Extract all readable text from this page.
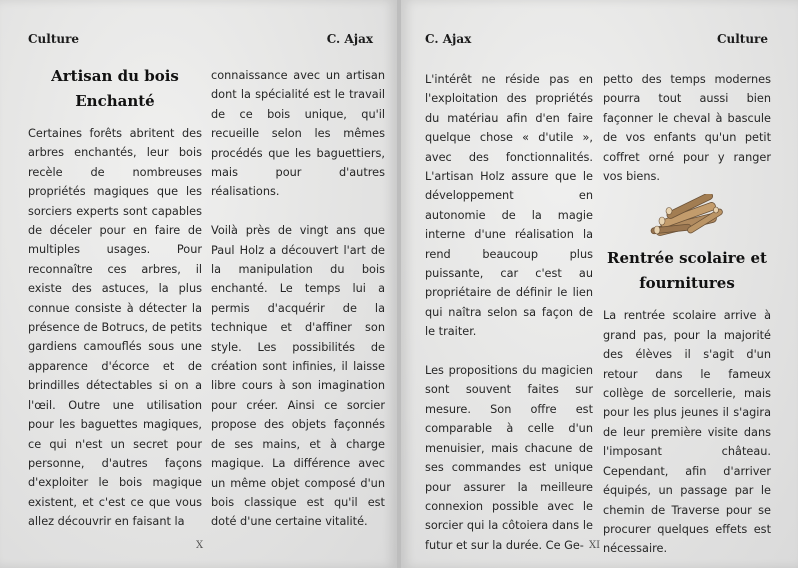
Culture	C. Ajax
Artisan du bois Enchanté

Certaines forêts abritent des arbres enchantés, leur bois recèle de nombreuses propriétés magiques que les sorciers experts sont capables de déceler pour en faire de multiples usages. Pour reconnaître ces arbres, il existe des astuces, la plus connue consiste à détecter la présence de Botrucs, de petits gardiens camouflés sous une apparence d'écorce et de brindilles détectables si on a l'œil. Outre une utilisation pour les baguettes magiques, ce qui n'est un secret pour personne, d'autres façons d'exploiter le bois magique existent, et c'est ce que vous allez découvrir en faisant la

connaissance avec un artisan dont la spécialité est le travail de ce bois unique, qu'il recueille selon les mêmes procédés que les baguettiers, mais pour d'autres réalisations.

Voilà près de vingt ans que Paul Holz a découvert l'art de la manipulation du bois enchanté. Le temps lui a permis d'acquérir de la technique et d'affiner son style. Les possibilités de création sont infinies, il laisse libre cours à son imagination pour créer. Ainsi ce sorcier propose des objets façonnés de ses mains, et à charge magique. La différence avec un même objet composé d'un bois classique est qu'il est doté d'une certaine vitalité.

X
C. Ajax	Culture

L'intérêt ne réside pas en l'exploitation des propriétés du matériau afin d'en faire quelque chose « d'utile », avec des fonctionnalités. L'artisan Holz assure que le développement en autonomie de la magie interne d'une réalisation la rend beaucoup plus puissante, car c'est au propriétaire de définir le lien qui naîtra selon sa façon de le traiter.

Les propositions du magicien sont souvent faites sur mesure. Son offre est comparable à celle d'un menuisier, mais chacune de ses commandes est unique pour assurer la meilleure connexion possible avec le sorcier qui la côtoiera dans le futur et sur la durée. Ce Ge-

petto des temps modernes pourra tout aussi bien façonner le cheval à bascule de vos enfants qu'un petit coffret orné pour y ranger vos biens.

Rentrée scolaire et fournitures

La rentrée scolaire arrive à grand pas, pour la majorité des élèves il s'agit d'un retour dans le fameux collège de sorcellerie, mais pour les plus jeunes il s'agira de leur première visite dans l'imposant château. Cependant, afin d'arriver équipés, un passage par le chemin de Traverse pour se procurer quelques effets est nécessaire.

XI
